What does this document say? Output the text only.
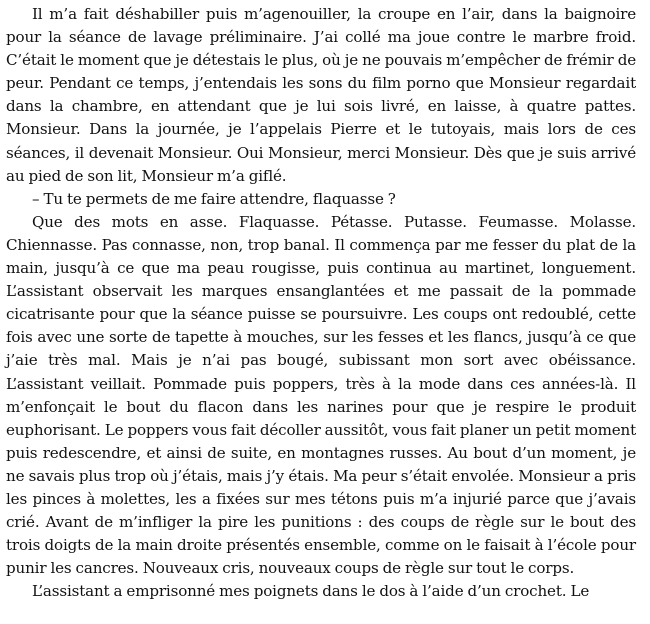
Il m’a fait déshabiller puis m’agenouiller, la croupe en l’air, dans la baignoire pour la séance de lavage préliminaire. J’ai collé ma joue contre le marbre froid. C’était le moment que je détestais le plus, où je ne pouvais m’empêcher de frémir de peur. Pendant ce temps, j’entendais les sons du film porno que Monsieur regardait dans la chambre, en attendant que je lui sois livré, en laisse, à quatre pattes. Monsieur. Dans la journée, je l’appelais Pierre et le tutoyais, mais lors de ces séances, il devenait Monsieur. Oui Monsieur, merci Monsieur. Dès que je suis arrivé au pied de son lit, Monsieur m’a giflé.

– Tu te permets de me faire attendre, flaquasse ?

Que des mots en asse. Flaquasse. Pétasse. Putasse. Feumasse. Molasse. Chiennasse. Pas connasse, non, trop banal. Il commença par me fesser du plat de la main, jusqu’à ce que ma peau rougisse, puis continua au martinet, longuement. L’assistant observait les marques ensanglantées et me passait de la pommade cicatrisante pour que la séance puisse se poursuivre. Les coups ont redoublé, cette fois avec une sorte de tapette à mouches, sur les fesses et les flancs, jusqu’à ce que j’aie très mal. Mais je n’ai pas bougé, subissant mon sort avec obéissance. L’assistant veillait. Pommade puis poppers, très à la mode dans ces années-là. Il m’enfonçait le bout du flacon dans les narines pour que je respire le produit euphorisant. Le poppers vous fait décoller aussitôt, vous fait planer un petit moment puis redescendre, et ainsi de suite, en montagnes russes. Au bout d’un moment, je ne savais plus trop où j’étais, mais j’y étais. Ma peur s’était envolée. Monsieur a pris les pinces à molettes, les a fixées sur mes tétons puis m’a injurié parce que j’avais crié. Avant de m’infliger la pire les punitions : des coups de règle sur le bout des trois doigts de la main droite présentés ensemble, comme on le faisait à l’école pour punir les cancres. Nouveaux cris, nouveaux coups de règle sur tout le corps.

L’assistant a emprisonné mes poignets dans le dos à l’aide d’un crochet. Le
